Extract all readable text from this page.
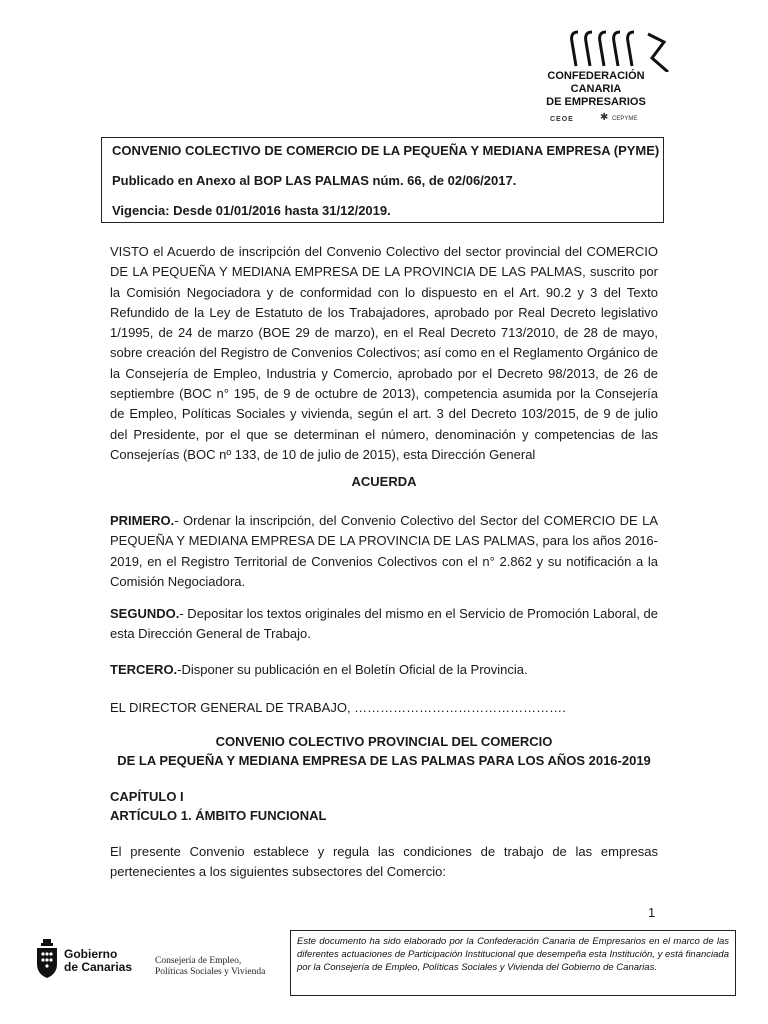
CONFEDERACIÓN
CANARIA
DE EMPRESARIOS
CEOE	✱ CEPYME
CONVENIO COLECTIVO DE COMERCIO DE LA PEQUEÑA Y MEDIANA EMPRESA (PYME)
Publicado en Anexo al BOP LAS PALMAS núm. 66, de 02/06/2017.
Vigencia: Desde 01/01/2016 hasta 31/12/2019.
VISTO el Acuerdo de inscripción del Convenio Colectivo del sector provincial del COMERCIO DE LA PEQUEÑA Y MEDIANA EMPRESA DE LA PROVINCIA DE LAS PALMAS, suscrito por la Comisión Negociadora y de conformidad con lo dispuesto en el Art. 90.2 y 3 del Texto Refundido de la Ley de Estatuto de los Trabajadores, aprobado por Real Decreto legislativo 1/1995, de 24 de marzo (BOE 29 de marzo), en el Real Decreto 713/2010, de 28 de mayo, sobre creación del Registro de Convenios Colectivos; así como en el Reglamento Orgánico de la Consejería de Empleo, Industria y Comercio, aprobado por el Decreto 98/2013, de 26 de septiembre (BOC n° 195, de 9 de octubre de 2013), competencia asumida por la Consejería de Empleo, Políticas Sociales y vivienda, según el art. 3 del Decreto 103/2015, de 9 de julio del Presidente, por el que se determinan el número, denominación y competencias de las Consejerías (BOC nº 133, de 10 de julio de 2015), esta Dirección General
ACUERDA
PRIMERO.- Ordenar la inscripción, del Convenio Colectivo del Sector del COMERCIO DE LA PEQUEÑA Y MEDIANA EMPRESA DE LA PROVINCIA DE LAS PALMAS, para los años 2016-2019, en el Registro Territorial de Convenios Colectivos con el n° 2.862 y su notificación a la Comisión Negociadora.
SEGUNDO.- Depositar los textos originales del mismo en el Servicio de Promoción Laboral, de esta Dirección General de Trabajo.
TERCERO.-Disponer su publicación en el Boletín Oficial de la Provincia.
EL DIRECTOR GENERAL DE TRABAJO, ………………………………………….
CONVENIO COLECTIVO PROVINCIAL DEL COMERCIO
DE LA PEQUEÑA Y MEDIANA EMPRESA DE LAS PALMAS PARA LOS AÑOS 2016-2019
CAPÍTULO I
ARTÍCULO 1. ÁMBITO FUNCIONAL
El presente Convenio establece y regula las condiciones de trabajo de las empresas pertenecientes a los siguientes subsectores del Comercio:
1
Gobierno
de Canarias Consejería de Empleo,
Políticas Sociales y Vivienda
Este documento ha sido elaborado por la Confederación Canaria de Empresarios en el marco de las diferentes actuaciones de Participación Institucional que desempeña esta Institución, y está financiada por la Consejería de Empleo, Políticas Sociales y Vivienda del Gobierno de Canarias.
